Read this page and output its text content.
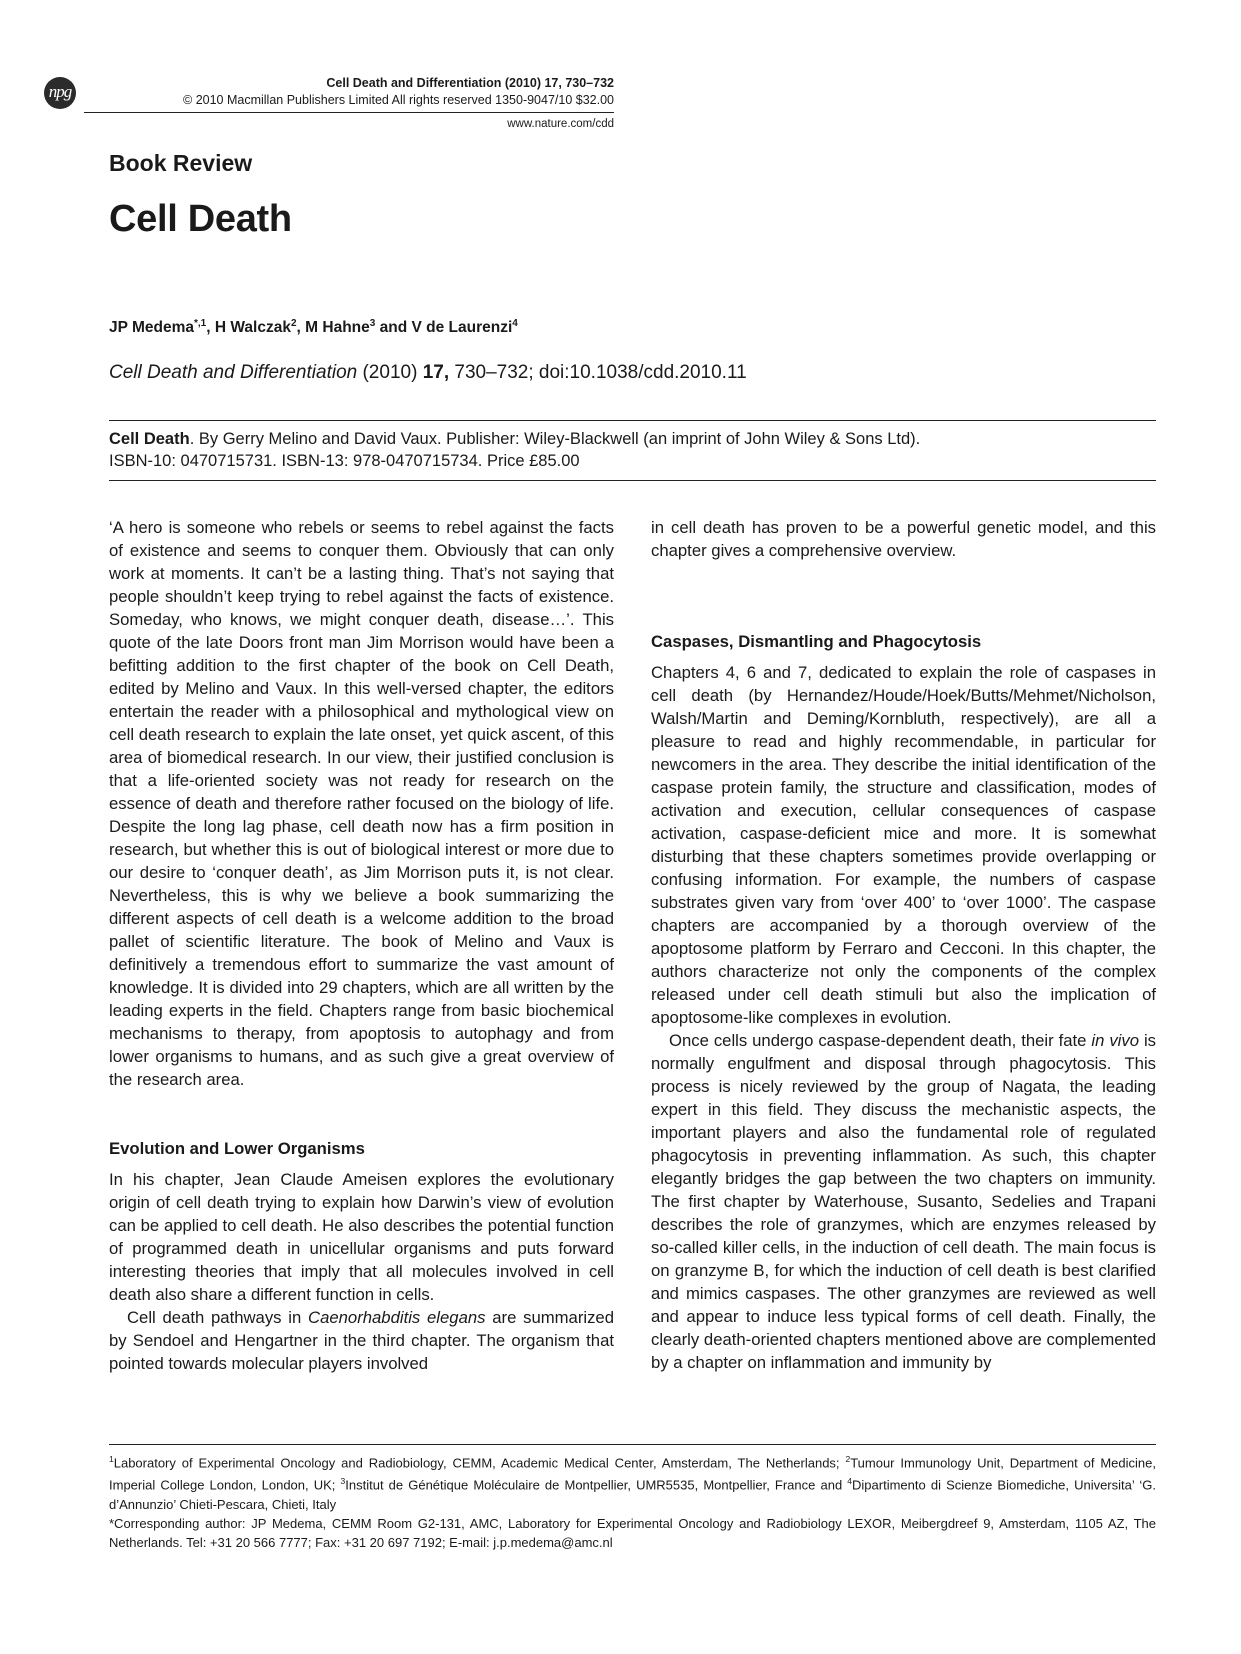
npg	Cell Death and Differentiation (2010) 17, 730–732
© 2010 Macmillan Publishers Limited All rights reserved 1350-9047/10 $32.00
www.nature.com/cdd
Book Review
Cell Death
JP Medema$^{*,1}$, H Walczak$^2$, M Hahne$^3$ and V de Laurenzi$^4$
Cell Death and Differentiation (2010) 17, 730–732; doi:10.1038/cdd.2010.11
Cell Death. By Gerry Melino and David Vaux. Publisher: Wiley-Blackwell (an imprint of John Wiley & Sons Ltd).
ISBN-10: 0470715731. ISBN-13: 978-0470715734. Price £85.00

‘A hero is someone who rebels or seems to rebel against the facts of existence and seems to conquer them. Obviously that can only work at moments. It can’t be a lasting thing. That’s not saying that people shouldn’t keep trying to rebel against the facts of existence. Someday, who knows, we might conquer death, disease…’. This quote of the late Doors front man Jim Morrison would have been a befitting addition to the first chapter of the book on Cell Death, edited by Melino and Vaux. In this well-versed chapter, the editors entertain the reader with a philosophical and mythological view on cell death research to explain the late onset, yet quick ascent, of this area of biomedical research. In our view, their justified conclusion is that a life-oriented society was not ready for research on the essence of death and therefore rather focused on the biology of life. Despite the long lag phase, cell death now has a firm position in research, but whether this is out of biological interest or more due to our desire to ‘conquer death’, as Jim Morrison puts it, is not clear. Nevertheless, this is why we believe a book summarizing the different aspects of cell death is a welcome addition to the broad pallet of scientific literature. The book of Melino and Vaux is definitively a tremendous effort to summarize the vast amount of knowledge. It is divided into 29 chapters, which are all written by the leading experts in the field. Chapters range from basic biochemical mechanisms to therapy, from apoptosis to autophagy and from lower organisms to humans, and as such give a great overview of the research area.

Evolution and Lower Organisms

In his chapter, Jean Claude Ameisen explores the evolutionary origin of cell death trying to explain how Darwin’s view of evolution can be applied to cell death. He also describes the potential function of programmed death in unicellular organisms and puts forward interesting theories that imply that all molecules involved in cell death also share a different function in cells.

Cell death pathways in Caenorhabditis elegans are summarized by Sendoel and Hengartner in the third chapter. The organism that pointed towards molecular players involved

in cell death has proven to be a powerful genetic model, and this chapter gives a comprehensive overview.

Caspases, Dismantling and Phagocytosis

Chapters 4, 6 and 7, dedicated to explain the role of caspases in cell death (by Hernandez/Houde/Hoek/Butts/Mehmet/Nicholson, Walsh/Martin and Deming/Kornbluth, respectively), are all a pleasure to read and highly recommendable, in particular for newcomers in the area. They describe the initial identification of the caspase protein family, the structure and classification, modes of activation and execution, cellular consequences of caspase activation, caspase-deficient mice and more. It is somewhat disturbing that these chapters sometimes provide overlapping or confusing information. For example, the numbers of caspase substrates given vary from ‘over 400’ to ‘over 1000’. The caspase chapters are accompanied by a thorough overview of the apoptosome platform by Ferraro and Cecconi. In this chapter, the authors characterize not only the components of the complex released under cell death stimuli but also the implication of apoptosome-like complexes in evolution.

Once cells undergo caspase-dependent death, their fate in vivo is normally engulfment and disposal through phagocytosis. This process is nicely reviewed by the group of Nagata, the leading expert in this field. They discuss the mechanistic aspects, the important players and also the fundamental role of regulated phagocytosis in preventing inflammation. As such, this chapter elegantly bridges the gap between the two chapters on immunity. The first chapter by Waterhouse, Susanto, Sedelies and Trapani describes the role of granzymes, which are enzymes released by so-called killer cells, in the induction of cell death. The main focus is on granzyme B, for which the induction of cell death is best clarified and mimics caspases. The other granzymes are reviewed as well and appear to induce less typical forms of cell death. Finally, the clearly death-oriented chapters mentioned above are complemented by a chapter on inflammation and immunity by

$^1$Laboratory of Experimental Oncology and Radiobiology, CEMM, Academic Medical Center, Amsterdam, The Netherlands; $^2$Tumour Immunology Unit, Department of Medicine, Imperial College London, London, UK; $^3$Institut de Génétique Moléculaire de Montpellier, UMR5535, Montpellier, France and $^4$Dipartimento di Scienze Biomediche, Universita’ ‘G. d’Annunzio’ Chieti-Pescara, Chieti, Italy

*Corresponding author: JP Medema, CEMM Room G2-131, AMC, Laboratory for Experimental Oncology and Radiobiology LEXOR, Meibergdreef 9, Amsterdam, 1105 AZ, The Netherlands. Tel: +31 20 566 7777; Fax: +31 20 697 7192; E-mail: j.p.medema@amc.nl
